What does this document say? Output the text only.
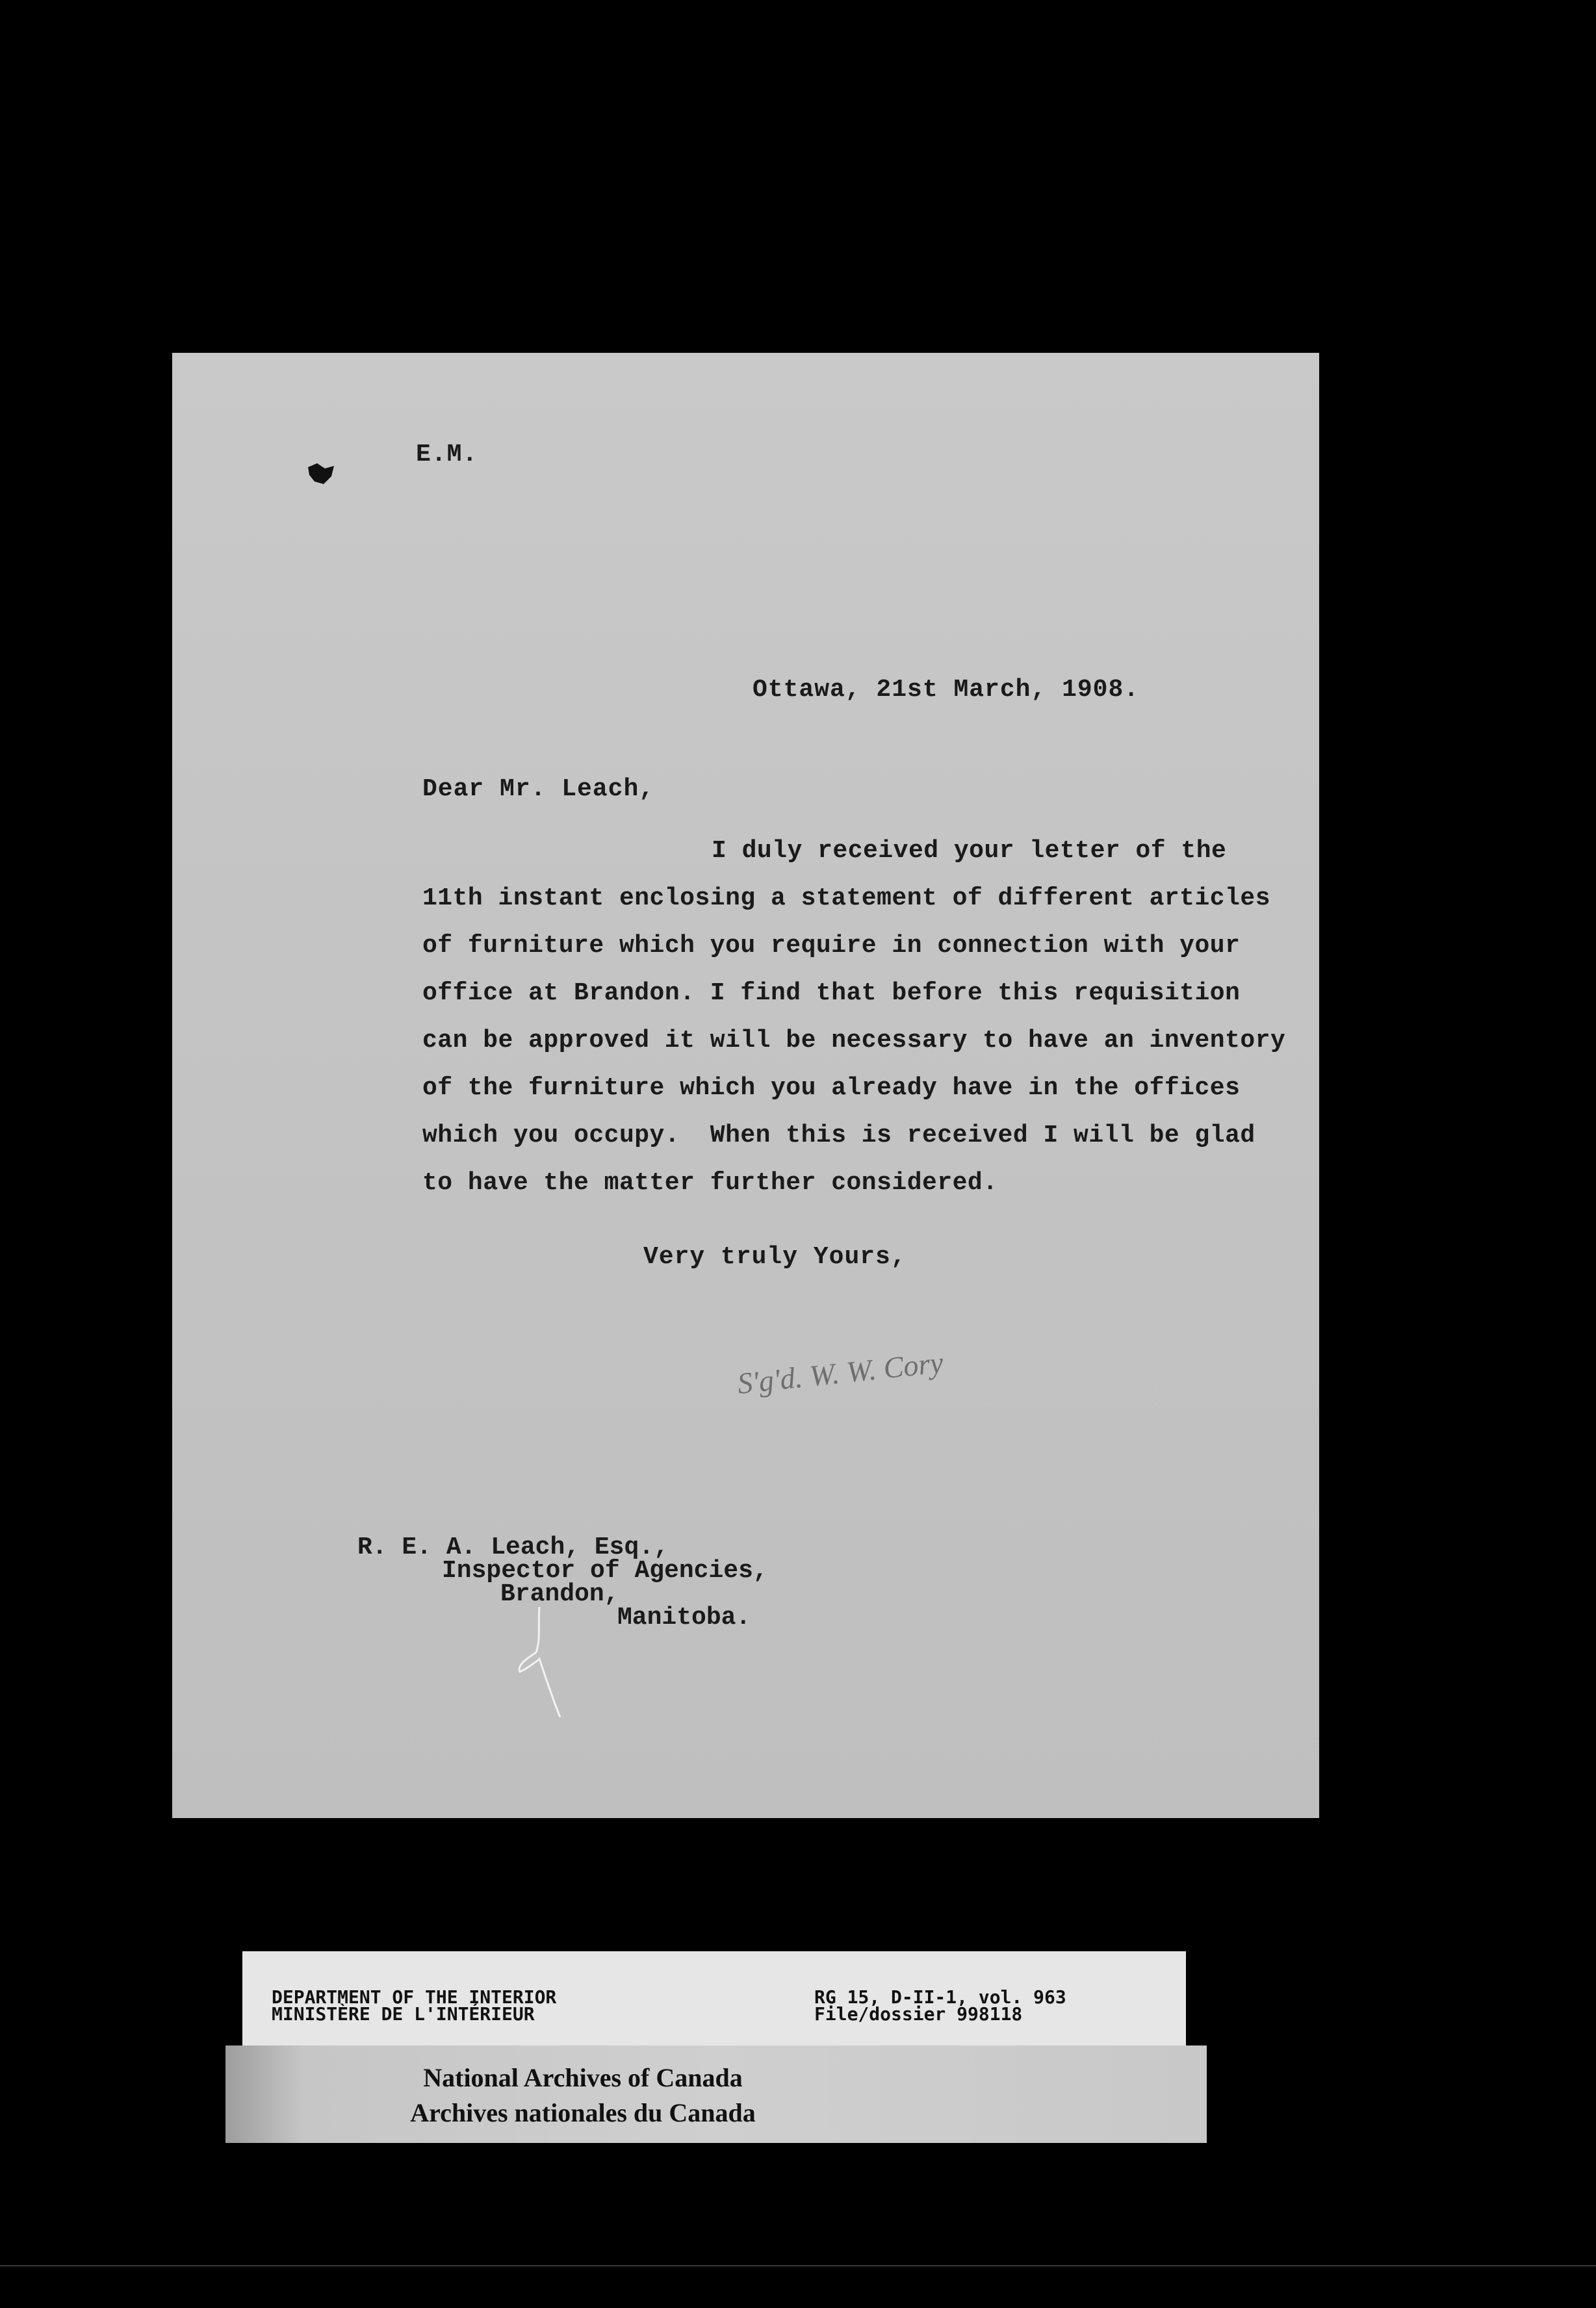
E.M.
Ottawa, 21st March, 1908.
Dear Mr. Leach,
I duly received your letter of the
11th instant enclosing a statement of different articles
of furniture which you require in connection with your
office at Brandon. I find that before this requisition
can be approved it will be necessary to have an inventory
of the furniture which you already have in the offices
which you occupy.  When this is received I will be glad
to have the matter further considered.
Very truly Yours,
S'g'd. W. W. Cory
R. E. A. Leach, Esq.,
Inspector of Agencies,
Brandon,
Manitoba.
DEPARTMENT OF THE INTERIOR
MINISTÈRE DE L'INTÉRIEUR
RG 15, D-II-1, vol. 963
File/dossier 998118
National Archives of Canada
Archives nationales du Canada
